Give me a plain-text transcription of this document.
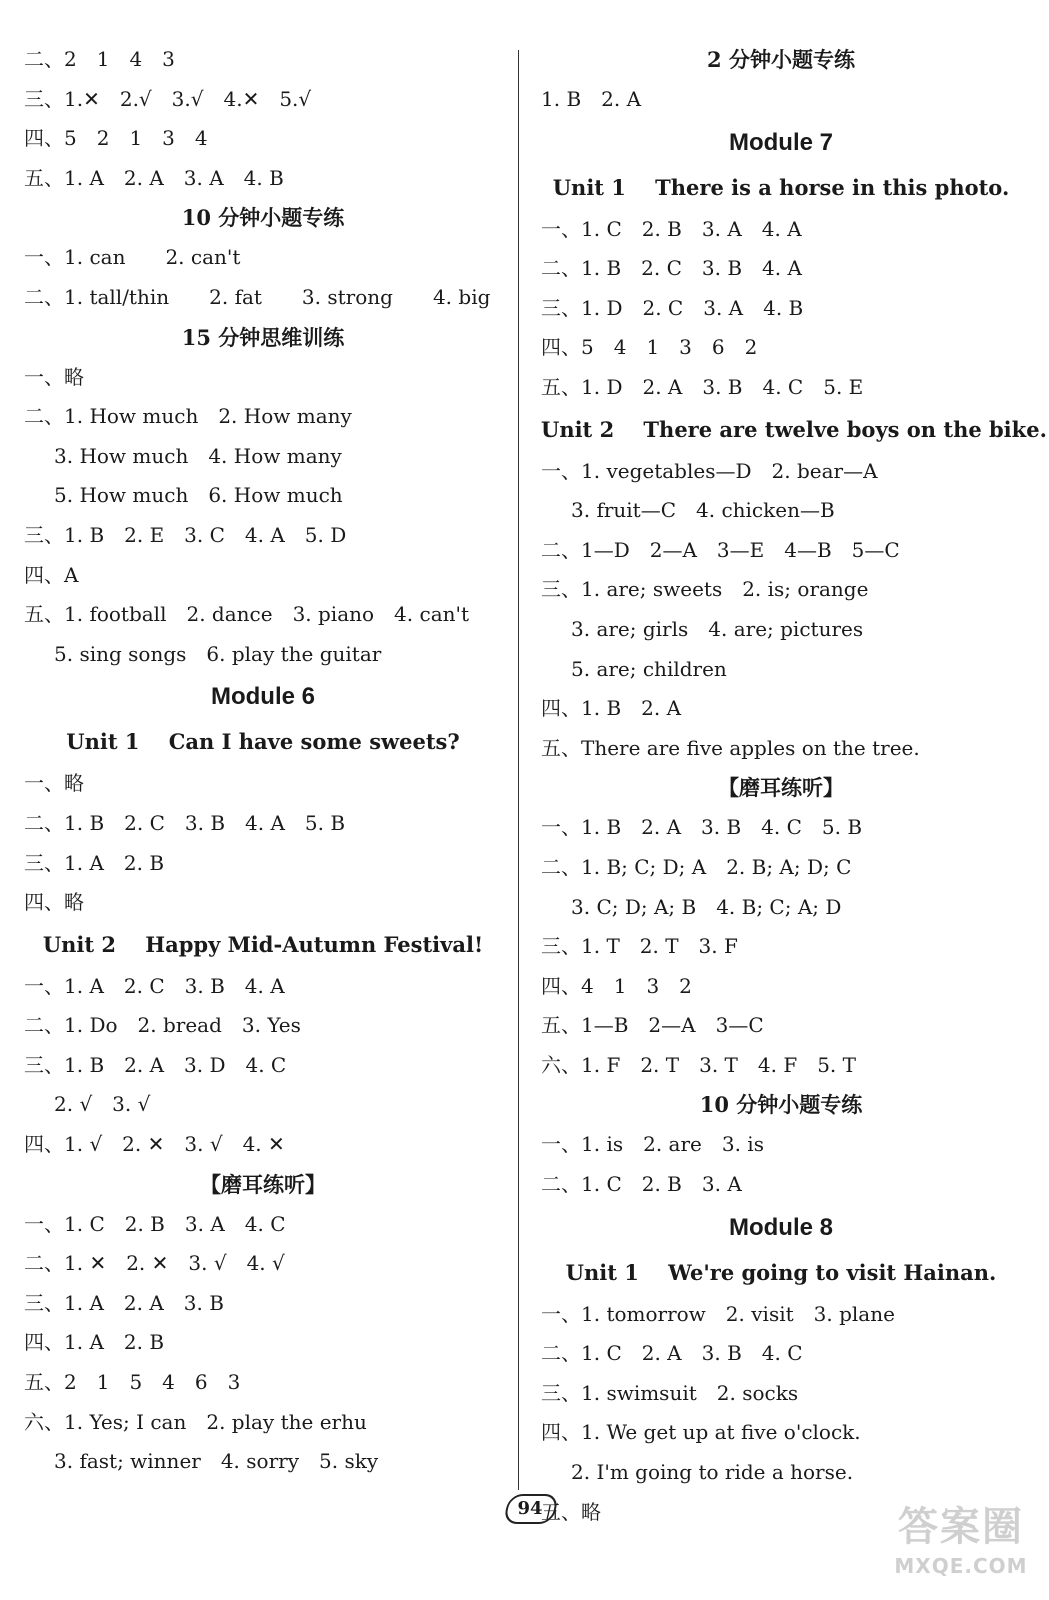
二、2　1　4　3
三、1.✕　2.√　3.√　4.✕　5.√
四、5　2　1　3　4
五、1. A　2. A　3. A　4. B
10 分钟小题专练
一、1. can　　2. can't
二、1. tall/thin　　2. fat　　3. strong　　4. big
15 分钟思维训练
一、略
二、1. How much　2. How many
3. How much　4. How many
5. How much　6. How much
三、1. B　2. E　3. C　4. A　5. D
四、A
五、1. football　2. dance　3. piano　4. can't
5. sing songs　6. play the guitar
Module 6
Unit 1    Can I have some sweets?
一、略
二、1. B　2. C　3. B　4. A　5. B
三、1. A　2. B
四、略
Unit 2    Happy Mid-Autumn Festival!
一、1. A　2. C　3. B　4. A
二、1. Do　2. bread　3. Yes
三、1. B　2. A　3. D　4. C
2. √　3. √
四、1. √　2. ✕　3. √　4. ✕
【磨耳练听】
一、1. C　2. B　3. A　4. C
二、1. ✕　2. ✕　3. √　4. √
三、1. A　2. A　3. B
四、1. A　2. B
五、2　1　5　4　6　3
六、1. Yes; I can　2. play the erhu
3. fast; winner　4. sorry　5. sky
2 分钟小题专练
1. B　2. A
Module 7
Unit 1    There is a horse in this photo.
一、1. C　2. B　3. A　4. A
二、1. B　2. C　3. B　4. A
三、1. D　2. C　3. A　4. B
四、5　4　1　3　6　2
五、1. D　2. A　3. B　4. C　5. E
Unit 2    There are twelve boys on the bike.
一、1. vegetables—D　2. bear—A
3. fruit—C　4. chicken—B
二、1—D　2—A　3—E　4—B　5—C
三、1. are; sweets　2. is; orange
3. are; girls　4. are; pictures
5. are; children
四、1. B　2. A
五、There are five apples on the tree.
【磨耳练听】
一、1. B　2. A　3. B　4. C　5. B
二、1. B; C; D; A　2. B; A; D; C
3. C; D; A; B　4. B; C; A; D
三、1. T　2. T　3. F
四、4　1　3　2
五、1—B　2—A　3—C
六、1. F　2. T　3. T　4. F　5. T
10 分钟小题专练
一、1. is　2. are　3. is
二、1. C　2. B　3. A
Module 8
Unit 1    We're going to visit Hainan.
一、1. tomorrow　2. visit　3. plane
二、1. C　2. A　3. B　4. C
三、1. swimsuit　2. socks
四、1. We get up at five o'clock.
2. I'm going to ride a horse.
五、略
94	答案圈
MXQE.COM
